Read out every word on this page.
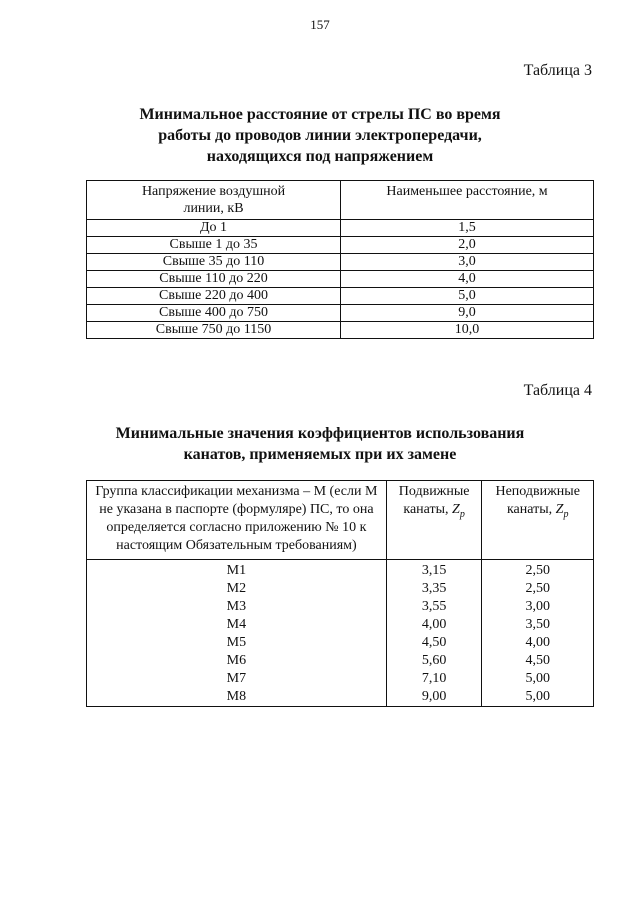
157
Таблица 3
Минимальное расстояние от стрелы ПС во время
работы до проводов линии электропередачи,
находящихся под напряжением
Напряжение воздушной линии, кВ	Наименьшее расстояние, м
До 1	1,5
Свыше 1 до 35	2,0
Свыше 35 до 110	3,0
Свыше 110 до 220	4,0
Свыше 220 до 400	5,0
Свыше 400 до 750	9,0
Свыше 750 до 1150	10,0
Таблица 4
Минимальные значения коэффициентов использования
канатов, применяемых при их замене
Группа классификации механизма – М (если М не указана в паспорте (формуляре) ПС, то она определяется согласно приложению № 10 к настоящим Обязательным требованиям)	Подвижные канаты, $Z_p$	Неподвижные канаты, $Z_p$
M1	3,15	2,50
M2	3,35	2,50
M3	3,55	3,00
M4	4,00	3,50
M5	4,50	4,00
M6	5,60	4,50
M7	7,10	5,00
M8	9,00	5,00
